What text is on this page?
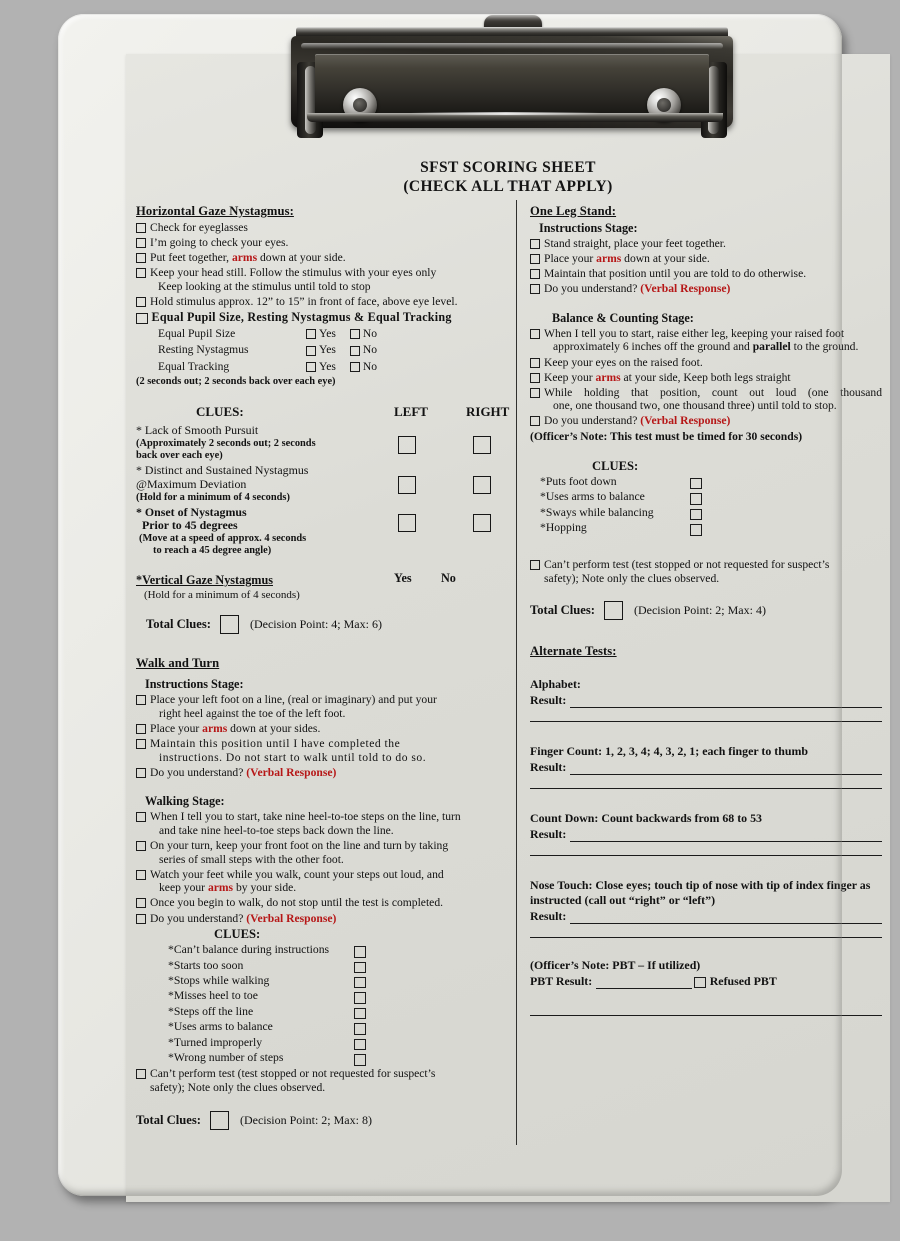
SFST SCORING SHEET
(CHECK ALL THAT APPLY)
Horizontal Gaze Nystagmus:
Check for eyeglasses
I’m going to check your eyes.
Put feet together, arms down at your side.
Keep your head still. Follow the stimulus with your eyes only
Keep looking at the stimulus until told to stop
Hold stimulus approx. 12” to 15” in front of face, above eye level.
Equal Pupil Size, Resting Nystagmus & Equal Tracking
Equal Pupil Size	Yes	No
Resting Nystagmus	Yes	No
Equal Tracking	Yes	No
(2 seconds out; 2 seconds back over each eye)
CLUES:	LEFT	RIGHT
* Lack of Smooth Pursuit
(Approximately 2 seconds out; 2 seconds
back over each eye)
* Distinct and Sustained Nystagmus
@Maximum Deviation
(Hold for a minimum of 4 seconds)
* Onset of Nystagmus
Prior to 45 degrees
(Move at a speed of approx. 4 seconds
to reach a 45 degree angle)
*Vertical Gaze Nystagmus	Yes No
(Hold for a minimum of 4 seconds)
Total Clues:	(Decision Point: 4; Max: 6)
Walk and Turn
Instructions Stage:
Place your left foot on a line, (real or imaginary) and put your
right heel against the toe of the left foot.
Place your arms down at your sides.
Maintain this position until I have completed the
instructions. Do not start to walk until told to do so.
Do you understand? (Verbal Response)
Walking Stage:
When I tell you to start, take nine heel-to-toe steps on the line, turn
and take nine heel-to-toe steps back down the line.
On your turn, keep your front foot on the line and turn by taking
series of small steps with the other foot.
Watch your feet while you walk, count your steps out loud, and
keep your arms by your side.
Once you begin to walk, do not stop until the test is completed.
Do you understand? (Verbal Response)
CLUES:
*Can’t balance during instructions
*Starts too soon
*Stops while walking
*Misses heel to toe
*Steps off the line
*Uses arms to balance
*Turned improperly
*Wrong number of steps
Can’t perform test (test stopped or not requested for suspect’s
safety); Note only the clues observed.
Total Clues:	(Decision Point: 2; Max: 8)
One Leg Stand:
Instructions Stage:
Stand straight, place your feet together.
Place your arms down at your side.
Maintain that position until you are told to do otherwise.
Do you understand? (Verbal Response)
Balance & Counting Stage:
When I tell you to start, raise either leg, keeping your raised foot
approximately 6 inches off the ground and parallel to the ground.
Keep your eyes on the raised foot.
Keep your arms at your side, Keep both legs straight
While holding that position, count out loud (one thousand
one, one thousand two, one thousand three) until told to stop.
Do you understand? (Verbal Response)
(Officer’s Note: This test must be timed for 30 seconds)
CLUES:
*Puts foot down
*Uses arms to balance
*Sways while balancing
*Hopping
Can’t perform test (test stopped or not requested for suspect’s
safety); Note only the clues observed.
Total Clues:	(Decision Point: 2; Max: 4)
Alternate Tests:
Alphabet:
Result:
Finger Count: 1, 2, 3, 4; 4, 3, 2, 1; each finger to thumb
Result:
Count Down: Count backwards from 68 to 53
Result:
Nose Touch: Close eyes; touch tip of nose with tip of index finger as
instructed (call out “right” or “left”)
Result:
(Officer’s Note: PBT – If utilized)
PBT Result:	Refused PBT
